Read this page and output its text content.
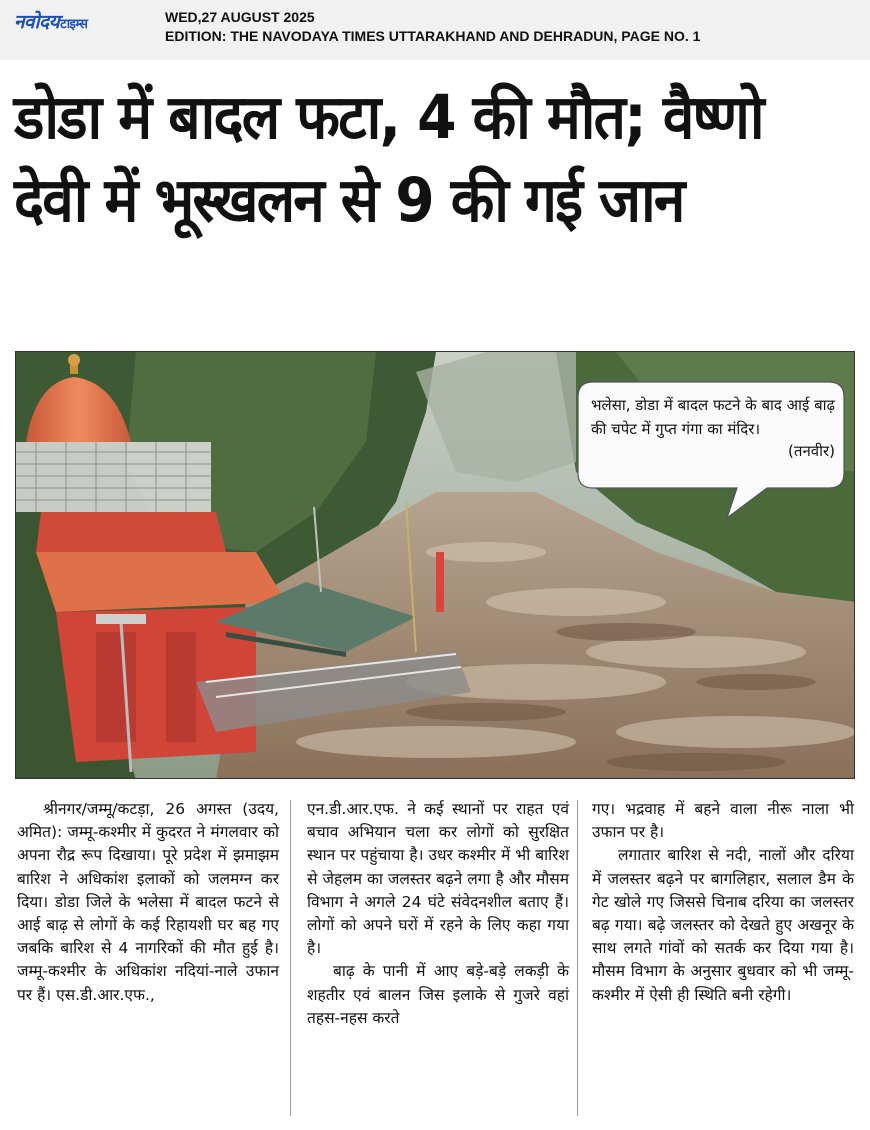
नवोदयटाइम्स	WED,27 AUGUST 2025
EDITION: THE NAVODAYA TIMES UTTARAKHAND AND DEHRADUN, PAGE NO. 1
डोडा में बादल फटा, 4 की मौत; वैष्णो
देवी में भूस्खलन से 9 की गई जान
भलेसा, डोडा में बादल फटने के बाद आई बाढ़ की चपेट में गुप्त गंगा का मंदिर।
(तनवीर)

श्रीनगर/जम्मू/कटड़ा, 26 अगस्त (उदय, अमित): जम्मू-कश्मीर में कुदरत ने मंगलवार को अपना रौद्र रूप दिखाया। पूरे प्रदेश में झमाझम बारिश ने अधिकांश इलाकों को जलमग्न कर दिया। डोडा जिले के भलेसा में बादल फटने से आई बाढ़ से लोगों के कई रिहायशी घर बह गए जबकि बारिश से 4 नागरिकों की मौत हुई है। जम्मू-कश्मीर के अधिकांश नदियां-नाले उफान पर हैं। एस.डी.आर.एफ.,

एन.डी.आर.एफ. ने कई स्थानों पर राहत एवं बचाव अभियान चला कर लोगों को सुरक्षित स्थान पर पहुंचाया है। उधर कश्मीर में भी बारिश से जेहलम का जलस्तर बढ़ने लगा है और मौसम विभाग ने अगले 24 घंटे संवेदनशील बताए हैं। लोगों को अपने घरों में रहने के लिए कहा गया है।

बाढ़ के पानी में आए बड़े-बड़े लकड़ी के शहतीर एवं बालन जिस इलाके से गुजरे वहां तहस-नहस करते

गए। भद्रवाह में बहने वाला नीरू नाला भी उफान पर है।

लगातार बारिश से नदी, नालों और दरिया में जलस्तर बढ़ने पर बागलिहार, सलाल डैम के गेट खोले गए जिससे चिनाब दरिया का जलस्तर बढ़ गया। बढ़े जलस्तर को देखते हुए अखनूर के साथ लगते गांवों को सतर्क कर दिया गया है। मौसम विभाग के अनुसार बुधवार को भी जम्मू- कश्मीर में ऐसी ही स्थिति बनी रहेगी।
